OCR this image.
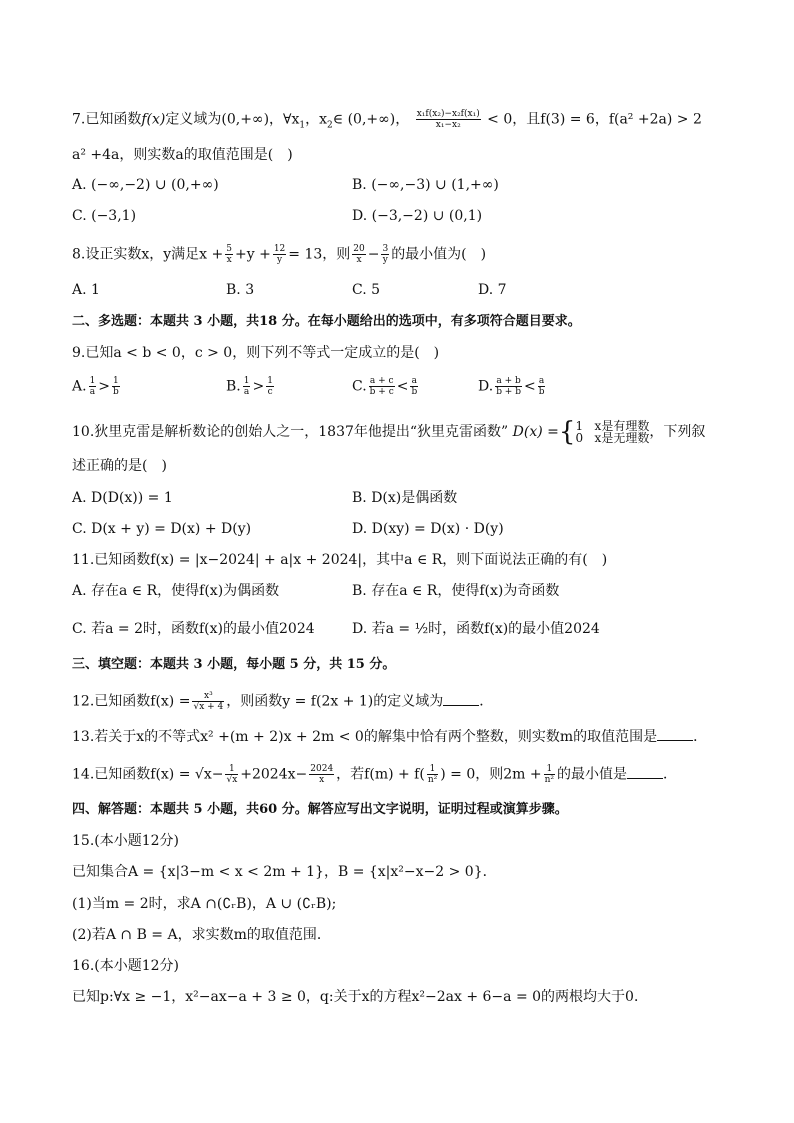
7.已知函数f(x)定义域为(0,+∞)，$\forall x_1$，$x_2\in$ (0,+∞)， $\frac{\text{x₁f(x₂)−x₂f(x₁)}}{\text{x₁−x₂}} < 0$，且f(3) = 6，f(a² +2a) > 2
a² +4a，则实数a的取值范围是(　)
A. (−∞,−2) ∪ (0,+∞)	B. (−∞,−3) ∪ (1,+∞)
C. (−3,1)	D. (−3,−2) ∪ (0,1)
8.设正实数x，y满足$x + \frac{5}{x} +y + \frac{12}{y} = 13$，则 $\frac{20}{x} - \frac{3}{y}$ 的最小值为(　)
A. 1	B. 3	C. 5	D. 7
二、多选题：本题共 3 小题，共18 分。在每小题给出的选项中，有多项符合题目要求。
9.已知a < b < 0，c > 0，则下列不等式一定成立的是(　)
A. $\frac{1}{a} > \frac{1}{b}$	B. $\frac{1}{a} > \frac{1}{c}$	C. $\frac{a + c}{b + c} < \frac{a}{b}$	D. $\frac{a + b}{b + b} < \frac{a}{b}$
10.狄里克雷是解析数论的创始人之一，1837年他提出“狄里克雷函数” D(x) ={1 x是有理数
0 x是无理数，下列叙
述正确的是(　)
A. D(D(x)) = 1	B. D(x)是偶函数
C. D(x + y) = D(x) + D(y)	D. D(xy) = D(x) · D(y)
11.已知函数f(x) = |x−2024| + a|x + 2024|，其中a ∈ R，则下面说法正确的有(　)
A. 存在a ∈ R，使得f(x)为偶函数	B. 存在a ∈ R，使得f(x)为奇函数
C. 若a = 2时，函数f(x)的最小值2024	D. 若a = ½时，函数f(x)的最小值2024
三、填空题：本题共 3 小题，每小题 5 分，共 15 分。
12.已知函数$f(x) = \frac{\text{x³}}{√x + 4}$ ，则函数y = f(2x + 1)的定义域为	．
13.若关于x的不等式x² +(m + 2)x + 2m < 0的解集中恰有两个整数，则实数m的取值范围是	．
14.已知函数$f(x) = √x- \frac{1}{√x} +2024x- \frac{2024}{x}$ ，若$f(m) + f( \frac{1}{\text{n²}}$ ) = 0，则$2m + \frac{1}{\text{n²}}$ 的最小值是	．
四、解答题：本题共 5 小题，共60 分。解答应写出文字说明，证明过程或演算步骤。
15.(本小题12分)
已知集合A = {x|3−m < x < 2m + 1}，B = {x|x²−x−2 > 0}．
(1)当m = 2时，求A ∩(∁ᵣB)，A ∪ (∁ᵣB);
(2)若A ∩ B = A，求实数m的取值范围．
16.(本小题12分)
已知p:∀x ≥ −1，x²−ax−a + 3 ≥ 0，q:关于x的方程x²−2ax + 6−a = 0的两根均大于0．
